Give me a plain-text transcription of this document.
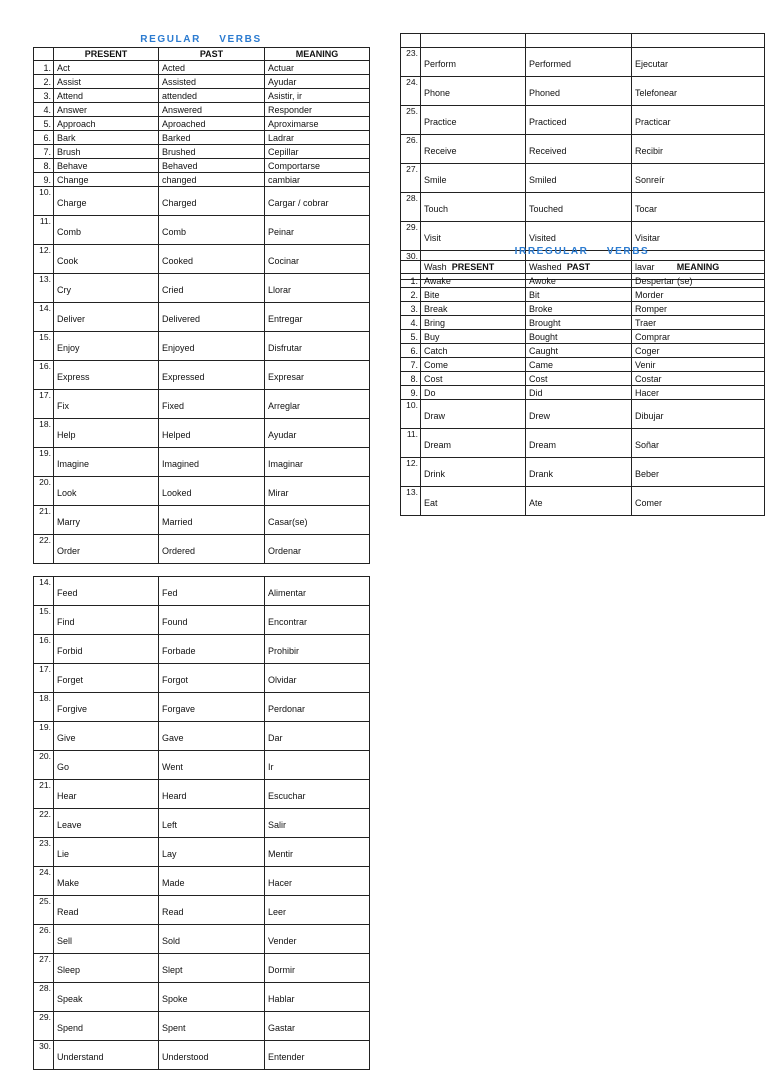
REGULAR VERBS
	PRESENT	PAST	MEANING
1.	Act	Acted	Actuar
2.	Assist	Assisted	Ayudar
3.	Attend	attended	Asistir, ir
4.	Answer	Answered	Responder
5.	Approach	Aproached	Aproximarse
6.	Bark	Barked	Ladrar
7.	Brush	Brushed	Cepillar
8.	Behave	Behaved	Comportarse
9.	Change	changed	cambiar
10.	Charge	Charged	Cargar / cobrar
11.	Comb	Comb	Peinar
12.	Cook	Cooked	Cocinar
13.	Cry	Cried	Llorar
14.	Deliver	Delivered	Entregar
15.	Enjoy	Enjoyed	Disfrutar
16.	Express	Expressed	Expresar
17.	Fix	Fixed	Arreglar
18.	Help	Helped	Ayudar
19.	Imagine	Imagined	Imaginar
20.	Look	Looked	Mirar
21.	Marry	Married	Casar(se)
22.	Order	Ordered	Ordenar

23.	Perform	Performed	Ejecutar
24.	Phone	Phoned	Telefonear
25.	Practice	Practiced	Practicar
26.	Receive	Received	Recibir
27.	Smile	Smiled	Sonreír
28.	Touch	Touched	Tocar
29.	Visit	Visited	Visitar
30.	Wash	Washed	lavar
IRREGULAR VERBS
	PRESENT	PAST	MEANING
1.	Awake	Awoke	Despertar (se)
2.	Bite	Bit	Morder
3.	Break	Broke	Romper
4.	Bring	Brought	Traer
5.	Buy	Bought	Comprar
6.	Catch	Caught	Coger
7.	Come	Came	Venir
8.	Cost	Cost	Costar
9.	Do	Did	Hacer
10.	Draw	Drew	Dibujar
11.	Dream	Dream	Soñar
12.	Drink	Drank	Beber
13.	Eat	Ate	Comer
14.	Feed	Fed	Alimentar
15.	Find	Found	Encontrar
16.	Forbid	Forbade	Prohibir
17.	Forget	Forgot	Olvidar
18.	Forgive	Forgave	Perdonar
19.	Give	Gave	Dar
20.	Go	Went	Ir
21.	Hear	Heard	Escuchar
22.	Leave	Left	Salir
23.	Lie	Lay	Mentir
24.	Make	Made	Hacer
25.	Read	Read	Leer
26.	Sell	Sold	Vender
27.	Sleep	Slept	Dormir
28.	Speak	Spoke	Hablar
29.	Spend	Spent	Gastar
30.	Understand	Understood	Entender
